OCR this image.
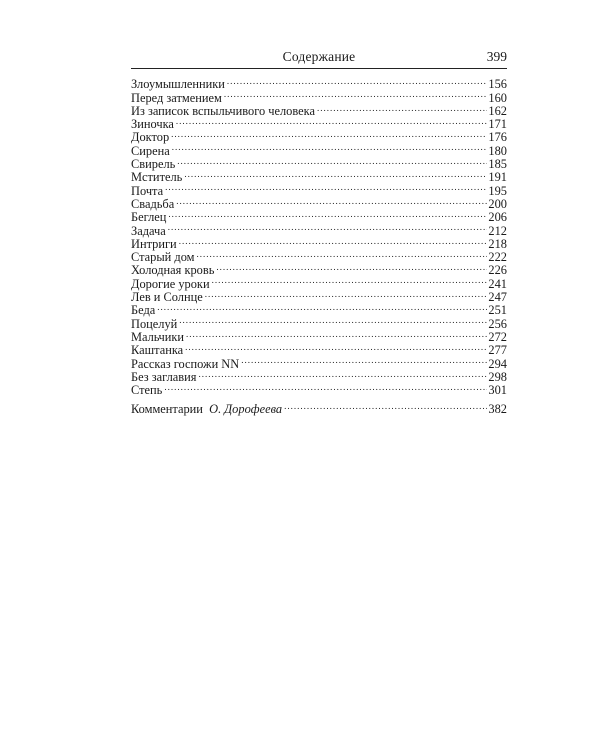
Содержание	399
Злоумышленники .....	156
Перед затмением .....	160
Из записок вспыльчивого человека .....	162
Зиночка .....	171
Доктор .....	176
Сирена .....	180
Свирель .....	185
Мститель .....	191
Почта .....	195
Свадьба .....	200
Беглец .....	206
Задача .....	212
Интриги .....	218
Старый дом .....	222
Холодная кровь .....	226
Дорогие уроки .....	241
Лев и Солнце .....	247
Беда .....	251
Поцелуй .....	256
Мальчики .....	272
Каштанка .....	277
Рассказ госпожи NN .....	294
Без заглавия .....	298
Степь .....	301
Комментарии О. Дорофеева .....	382
